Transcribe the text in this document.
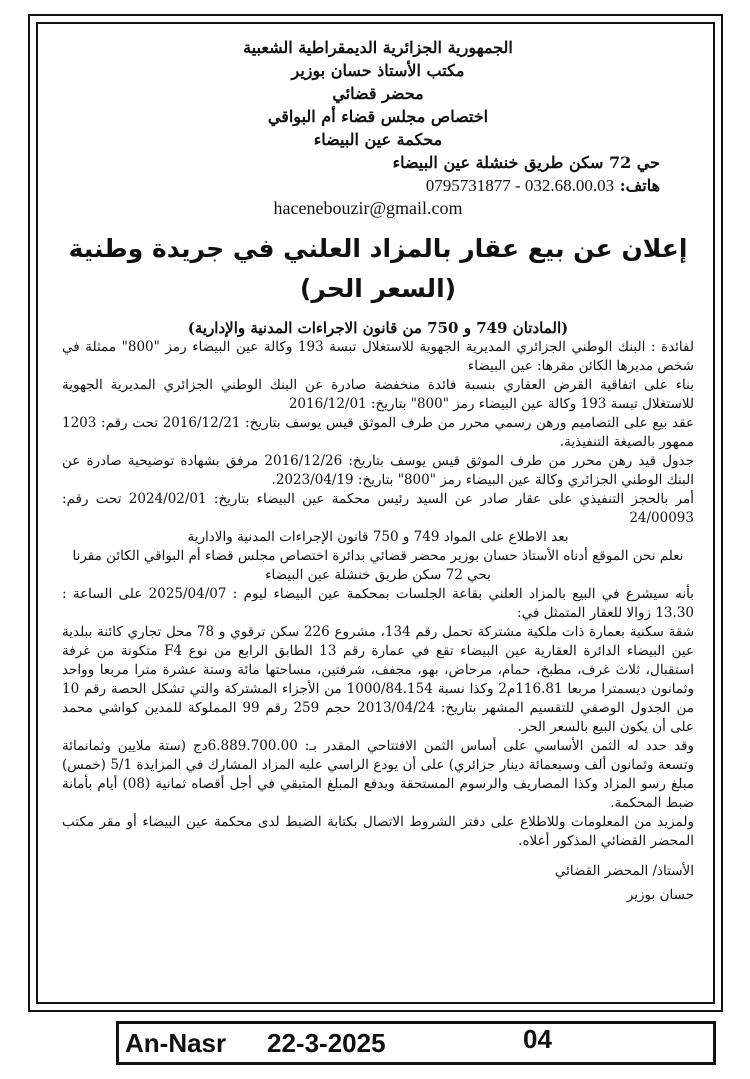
الجمهورية الجزائرية الديمقراطية الشعبية
مكتب الأستاذ حسان بوزير
محضر قضائي
اختصاص مجلس قضاء أم البواقي
محكمة عين البيضاء
حي 72 سكن طريق خنشلة عين البيضاء
هاتف: 0795731877 - 032.68.00.03
hacenebouzir@gmail.com
إعلان عن بيع عقار بالمزاد العلني في جريدة وطنية (السعر الحر)
(المادتان 749 و 750 من قانون الاجراءات المدنية والإدارية)

لفائدة : البنك الوطني الجزائري المديرية الجهوية للاستغلال تبسة 193 وكالة عين البيضاء رمز "800" ممثلة في شخص مديرها الكائن مقرها: عين البيضاء

بناء على اتفاقية القرض العقاري بنسبة فائدة منخفضة صادرة عن البنك الوطني الجزائري المديرية الجهوية للاستغلال تبسة 193 وكالة عين البيضاء رمز "800" بتاريخ: 2016/12/01

عقد بيع على التصاميم ورهن رسمي محرر من طرف الموثق قيس يوسف بتاريخ: 2016/12/21 تحت رقم: 1203 ممهور بالصيغة التنفيذية.

جدول قيد رهن محرر من طرف الموثق قيس يوسف بتاريخ: 2016/12/26 مرفق بشهادة توضيحية صادرة عن البنك الوطني الجزائري وكالة عين البيضاء رمز "800" بتاريخ: 2023/04/19.

أمر بالحجز التنفيذي على عقار صادر عن السيد رئيس محكمة عين البيضاء بتاريخ: 2024/02/01 تحت رقم: 24/00093

بعد الاطلاع على المواد 749 و 750 قانون الإجراءات المدنية والادارية

نعلم نحن الموقع أدناه الأستاذ حسان بوزير محضر قضائي بدائرة اختصاص مجلس قضاء أم البواقي الكائن مقرنا بحي 72 سكن طريق خنشلة عين البيضاء

بأنه سيشرع في البيع بالمزاد العلني بقاعة الجلسات بمحكمة عين البيضاء ليوم : 2025/04/07 على الساعة : 13.30 زوالا للعقار المتمثل في:

شقة سكنية بعمارة ذات ملكية مشتركة تحمل رقم 134، مشروع 226 سكن ترقوي و 78 محل تجاري كائنة ببلدية عين البيضاء الدائرة العقارية عين البيضاء تقع في عمارة رقم 13 الطابق الرابع من نوع F4 متكونة من غرفة استقبال، ثلاث غرف، مطبخ، حمام، مرحاض، بهو، مجفف، شرفتين، مساحتها مائة وستة عشرة مترا مربعا وواحد وثمانون ديسمترا مربعا 116.81م2 وكذا نسبة 1000/84.154 من الأجزاء المشتركة والتي تشكل الحصة رقم 10 من الجدول الوصفي للتقسيم المشهر بتاريخ: 2013/04/24 حجم 259 رقم 99 المملوكة للمدين كواشي محمد على أن يكون البيع بالسعر الحر.

وقد حدد له الثمن الأساسي على أساس الثمن الافتتاحي المقدر بـ: 6.889.700.00دج (ستة ملايين وثمانمائة وتسعة وثمانون ألف وسبعمائة دينار جزائري) على أن يودع الراسي عليه المزاد المشارك في المزايدة 5/1 (خمس) مبلغ رسو المزاد وكذا المصاريف والرسوم المستحقة ويدفع المبلغ المتبقي في أجل أقصاه ثمانية (08) أيام بأمانة ضبط المحكمة.

ولمزيد من المعلومات وللاطلاع على دفتر الشروط الاتصال بكتابة الضبط لدى محكمة عين البيضاء أو مقر مكتب المحضر القضائي المذكور أعلاه.

الأستاذ/ المحضر القضائي
حسان بوزير
An-Nasr 22-3-2025	04
